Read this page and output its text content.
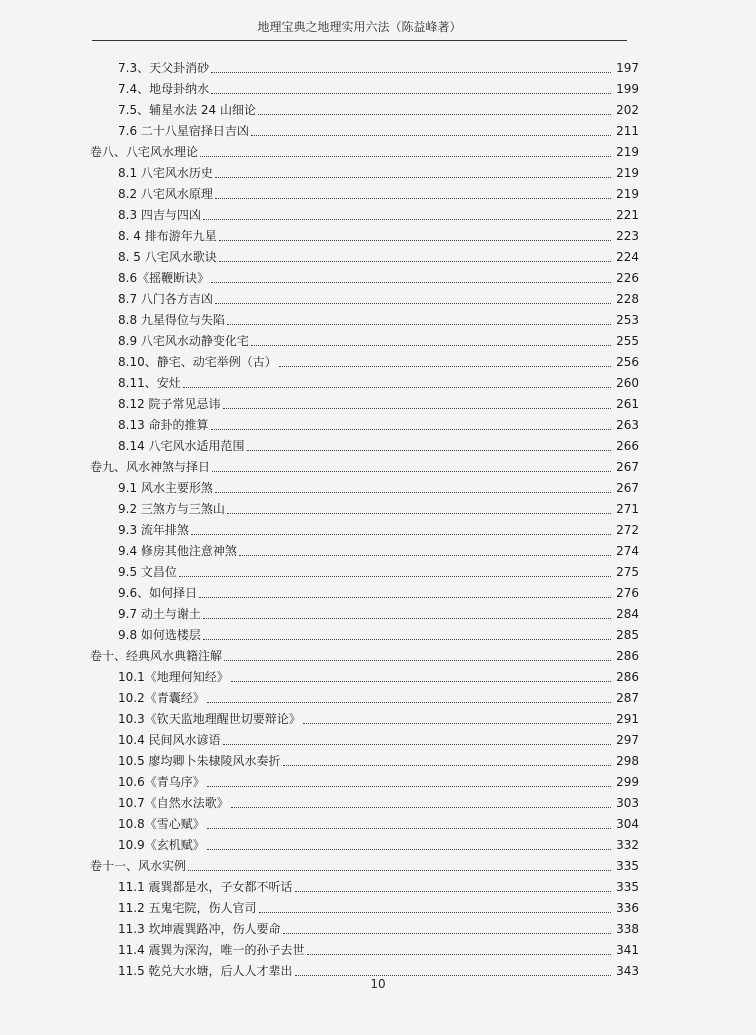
地理宝典之地理实用六法（陈益峰著）
7.3、天父卦消砂	197
7.4、地母卦纳水	199
7.5、辅星水法 24 山细论	202
7.6 二十八星宿择日吉凶	211
卷八、八宅风水理论	219
8.1 八宅风水历史	219
8.2 八宅风水原理	219
8.3 四吉与四凶	221
8. 4 排布游年九星	223
8. 5 八宅风水歌诀	224
8.6《摇鞭断诀》	226
8.7 八门各方吉凶	228
8.8 九星得位与失陷	253
8.9 八宅风水动静变化宅	255
8.10、静宅、动宅举例（古）	256
8.11、安灶	260
8.12 院子常见忌讳	261
8.13 命卦的推算	263
8.14 八宅风水适用范围	266
卷九、风水神煞与择日	267
9.1 风水主要形煞	267
9.2 三煞方与三煞山	271
9.3 流年排煞	272
9.4 修房其他注意神煞	274
9.5 文昌位	275
9.6、如何择日	276
9.7 动土与谢土	284
9.8 如何选楼层	285
卷十、经典风水典籍注解	286
10.1《地理何知经》	286
10.2《青囊经》	287
10.3《钦天监地理醒世切要辩论》	291
10.4 民间风水谚语	297
10.5 廖均卿卜朱棣陵风水奏折	298
10.6《青乌序》	299
10.7《自然水法歌》	303
10.8《雪心赋》	304
10.9《玄机赋》	332
卷十一、风水实例	335
11.1 震巽都是水，子女都不听话	335
11.2 五鬼宅院，伤人官司	336
11.3 坎坤震巽路冲，伤人要命	338
11.4 震巽为深沟，唯一的孙子去世	341
11.5 乾兑大水塘，后人人才辈出	343
10
